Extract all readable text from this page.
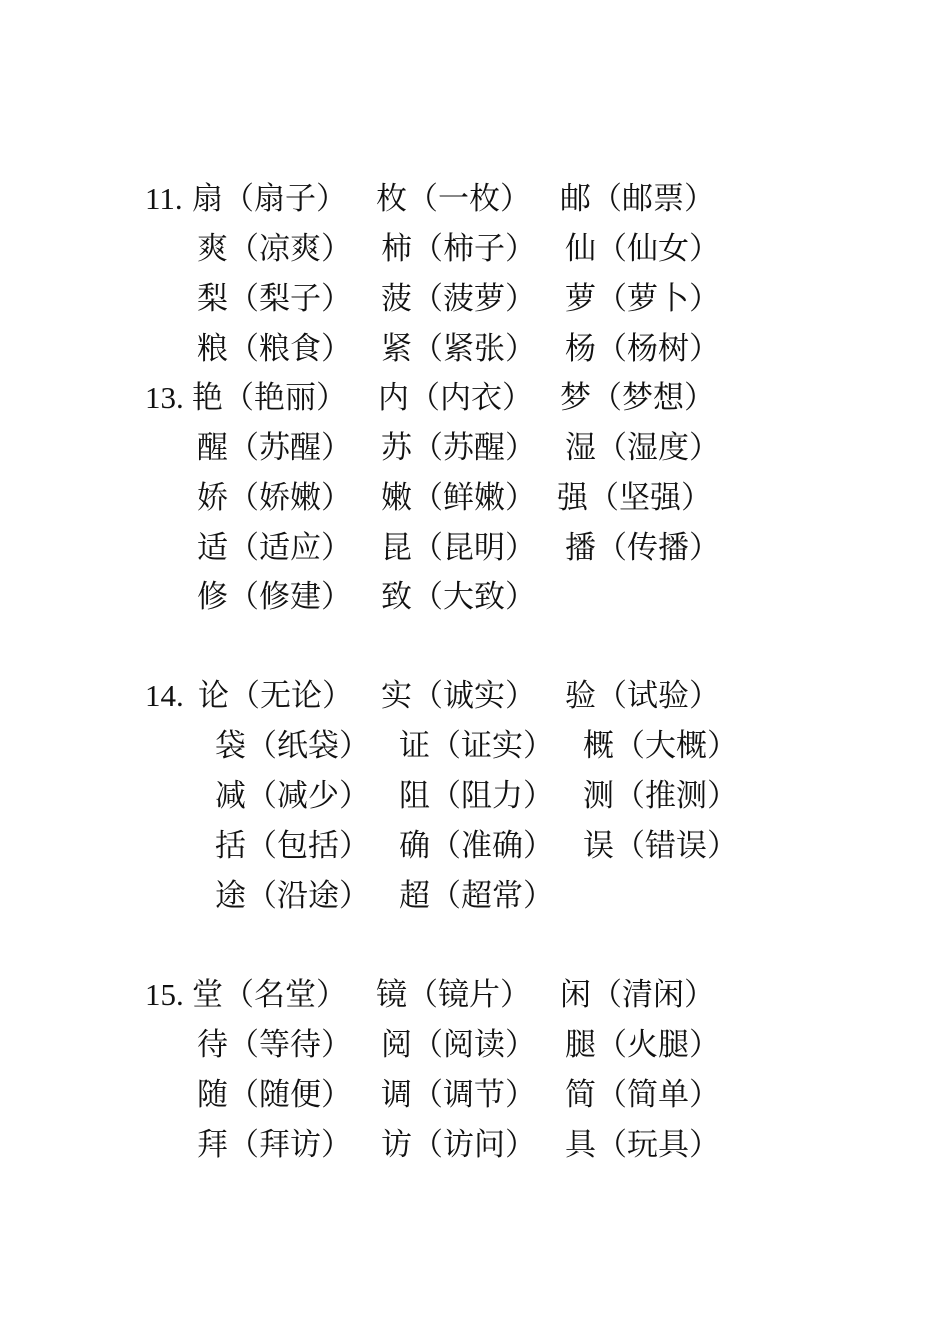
11. 扇（扇子） 枚（一枚） 邮（邮票）
爽（凉爽） 柿（柿子） 仙（仙女）
梨（梨子） 菠（菠萝） 萝（萝卜）
粮（粮食） 紧（紧张） 杨（杨树）
13. 艳（艳丽） 内（内衣） 梦（梦想）
醒（苏醒） 苏（苏醒） 湿（湿度）
娇（娇嫩） 嫩（鲜嫩） 强（坚强）
适（适应） 昆（昆明） 播（传播）
修（修建） 致（大致）
14. 论（无论） 实（诚实） 验（试验）
袋（纸袋） 证（证实） 概（大概）
减（减少） 阻（阻力） 测（推测）
括（包括） 确（准确） 误（错误）
途（沿途） 超（超常）
15. 堂（名堂） 镜（镜片） 闲（清闲）
待（等待） 阅（阅读） 腿（火腿）
随（随便） 调（调节） 简（简单）
拜（拜访） 访（访问） 具（玩具）
